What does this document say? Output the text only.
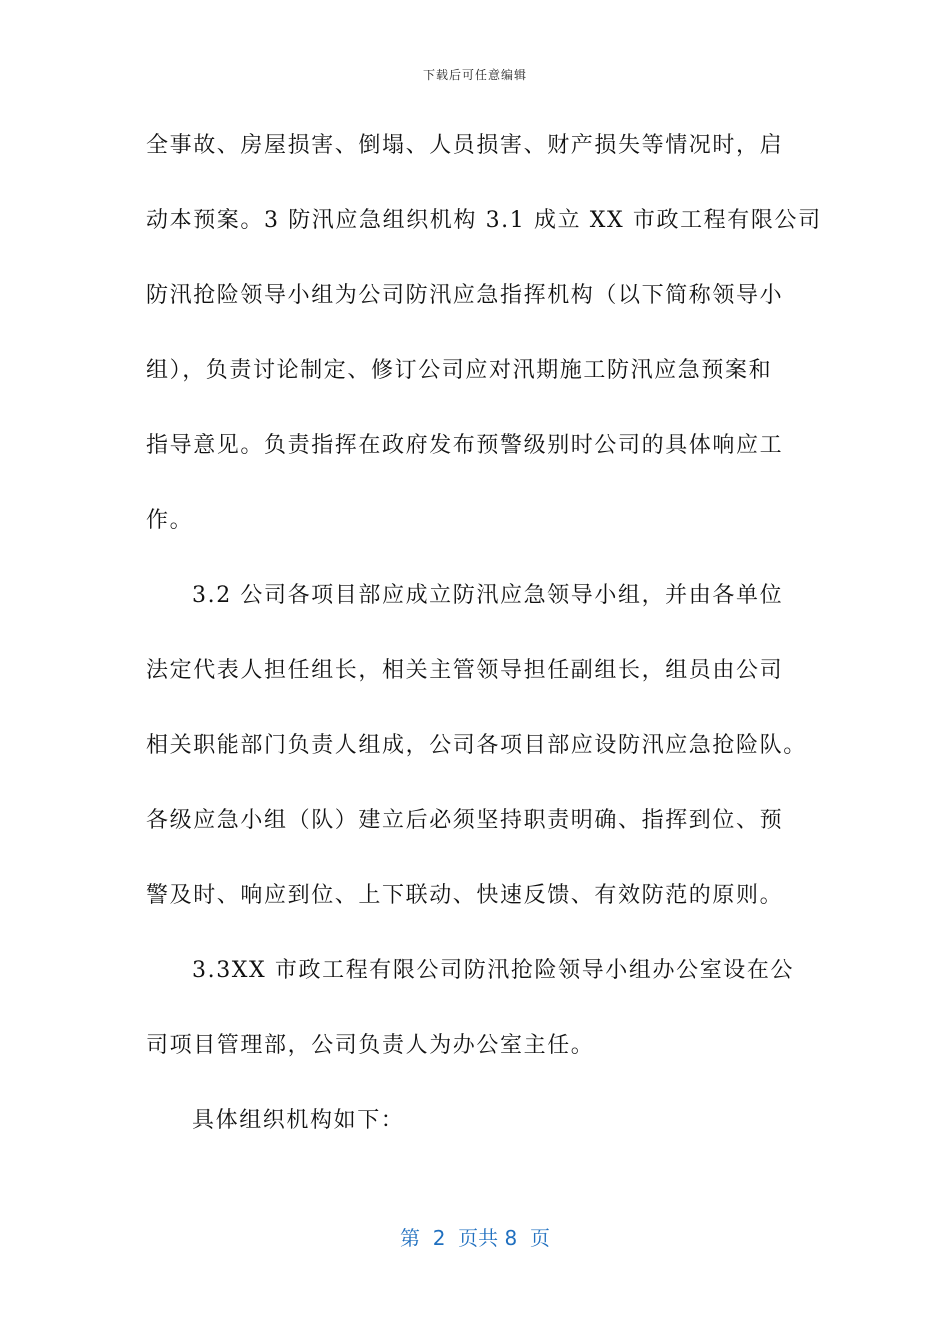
下载后可任意编辑
全事故、房屋损害、倒塌、人员损害、财产损失等情况时，启
动本预案。3 防汛应急组织机构 3.1 成立 XX 市政工程有限公司
防汛抢险领导小组为公司防汛应急指挥机构（以下简称领导小
组），负责讨论制定、修订公司应对汛期施工防汛应急预案和
指导意见。负责指挥在政府发布预警级别时公司的具体响应工
作。
3.2 公司各项目部应成立防汛应急领导小组，并由各单位
法定代表人担任组长，相关主管领导担任副组长，组员由公司
相关职能部门负责人组成，公司各项目部应设防汛应急抢险队。
各级应急小组（队）建立后必须坚持职责明确、指挥到位、预
警及时、响应到位、上下联动、快速反馈、有效防范的原则。
3.3XX 市政工程有限公司防汛抢险领导小组办公室设在公
司项目管理部，公司负责人为办公室主任。
具体组织机构如下：
第  2  页共 8  页
